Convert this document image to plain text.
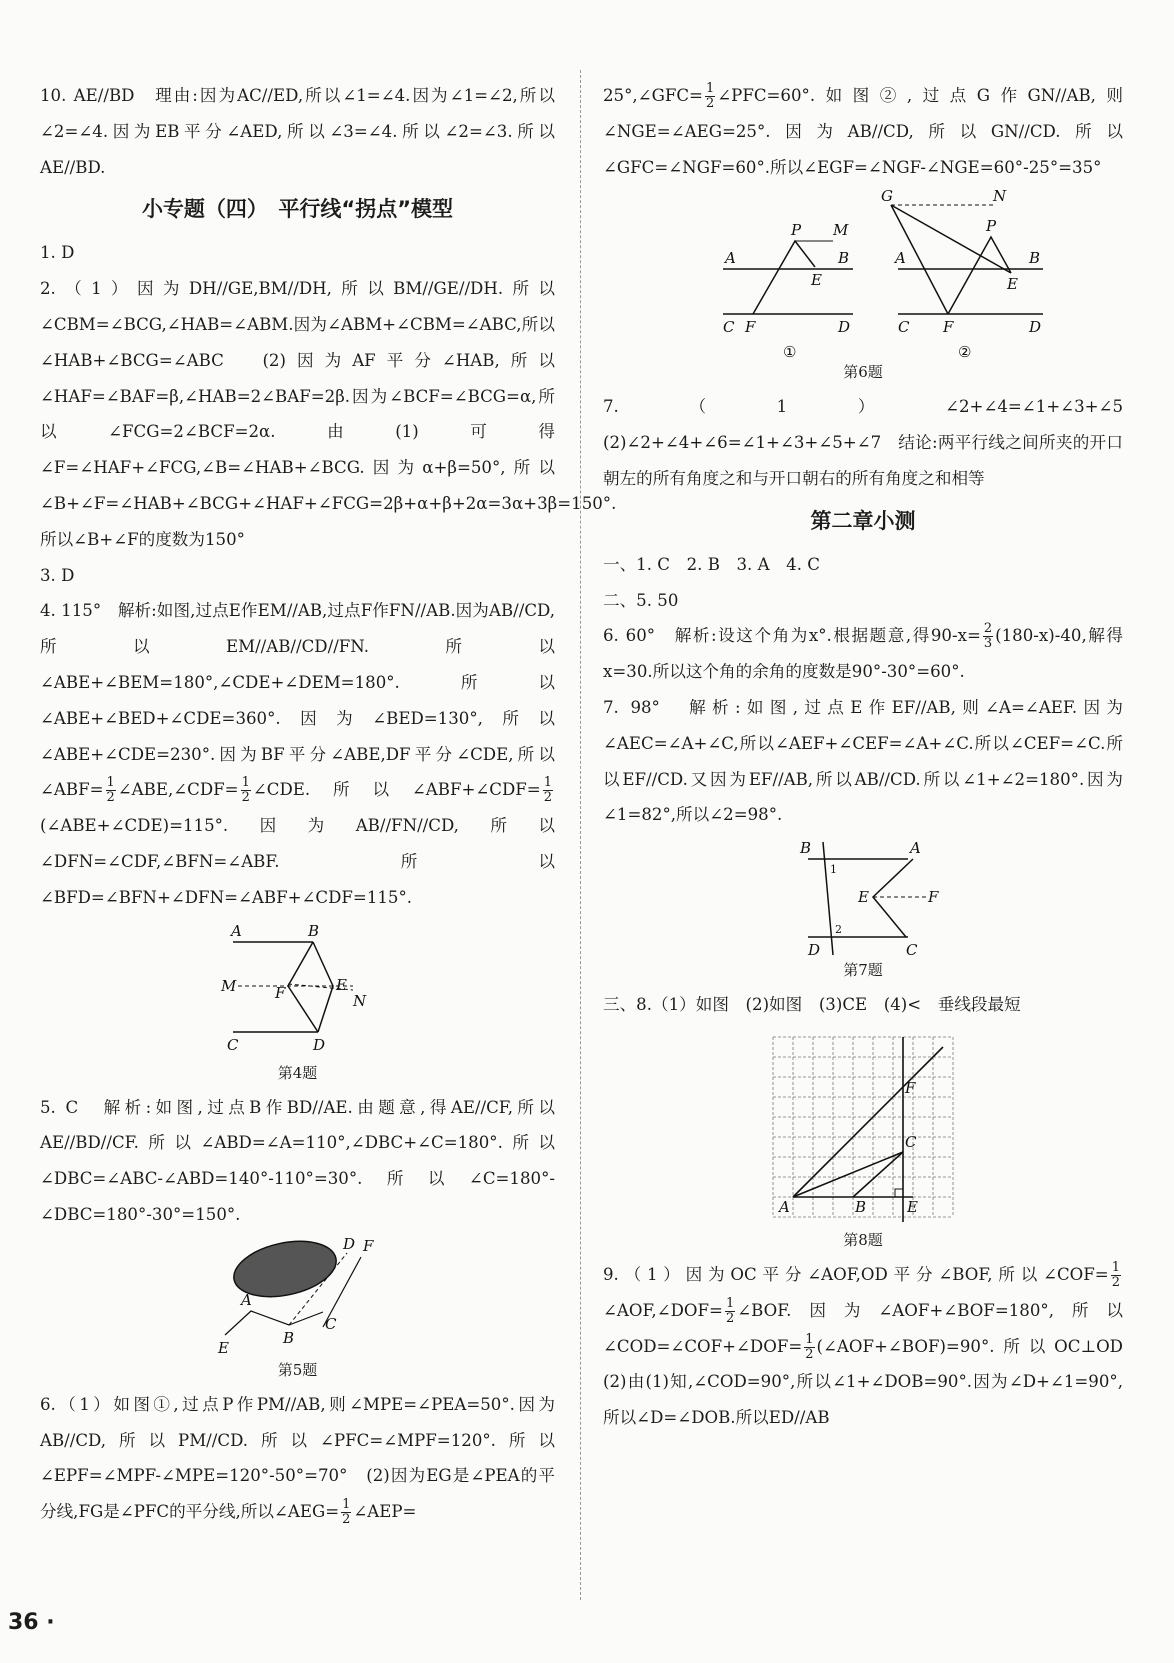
10. AE//BD　理由:因为AC//ED,所以∠1=∠4.因为∠1=∠2,所以∠2=∠4.因为EB平分∠AED,所以∠3=∠4.所以∠2=∠3.所以AE//BD.

小专题（四）　平行线“拐点”模型

1. D

2.（1）因为DH//GE,BM//DH,所以BM//GE//DH.所以∠CBM=∠BCG,∠HAB=∠ABM.因为∠ABM+∠CBM=∠ABC,所以∠HAB+∠BCG=∠ABC　(2)因为AF平分∠HAB,所以∠HAF=∠BAF=β,∠HAB=2∠BAF=2β.因为∠BCF=∠BCG=α,所以∠FCG=2∠BCF=2α.由(1)可得∠F=∠HAF+∠FCG,∠B=∠HAB+∠BCG.因为α+β=50°,所以∠B+∠F=∠HAB+∠BCG+∠HAF+∠FCG=2β+α+β+2α=3α+3β=150°.所以∠B+∠F的度数为150°

3. D

4. 115°　解析:如图,过点E作EM//AB,过点F作FN//AB.因为AB//CD,所以EM//AB//CD//FN.所以∠ABE+∠BEM=180°,∠CDE+∠DEM=180°.所以∠ABE+∠BED+∠CDE=360°.因为∠BED=130°,所以∠ABE+∠CDE=230°.因为BF平分∠ABE,DF平分∠CDE,所以∠ABF= $\frac{1}{2}$ ∠ABE,∠CDF= $\frac{1}{2}$ ∠CDE.所以∠ABF+∠CDF= $\frac{1}{2}$
(∠ABE+∠CDE)=115°.因为AB//FN//CD,所以∠DFN=∠CDF,∠BFN=∠ABF.所以∠BFD=∠BFN+∠DFN=∠ABF+∠CDF=115°.

A	B
M	F	E
N
C	D
第4题

5. C　解析:如图,过点B作BD//AE.由题意,得AE//CF,所以AE//BD//CF.所以∠ABD=∠A=110°,∠DBC+∠C=180°.所以∠DBC=∠ABC-∠ABD=140°-110°=30°.所以∠C=180°-∠DBC=180°-30°=150°.

D F
A
B
C
E
第5题

6.（1）如图①,过点P作PM//AB,则∠MPE=∠PEA=50°.因为AB//CD,所以PM//CD.所以∠PFC=∠MPF=120°.所以∠EPF=∠MPF-∠MPE=120°-50°=70°　(2)因为EG是∠PEA的平分线,FG是∠PFC的平分线,所以∠AEG= $\frac{1}{2}$ ∠AEP=

25°,∠GFC= $\frac{1}{2}$ ∠PFC=60°.如图②,过点G作GN//AB,则∠NGE=∠AEG=25°.因为AB//CD,所以GN//CD.所以∠GFC=∠NGF=60°.所以∠EGF=∠NGF-∠NGE=60°-25°=35°

P M
A	B
E
C F	D
①
G	N
P
A	B
E
C F	D
②
第6题

7.（1）∠2+∠4=∠1+∠3+∠5　(2)∠2+∠4+∠6=∠1+∠3+∠5+∠7　结论:两平行线之间所夹的开口朝左的所有角度之和与开口朝右的所有角度之和相等

第二章小测

一、1. C　2. B　3. A　4. C

二、5. 50

6. 60°　解析:设这个角为x°.根据题意,得$90-x= \frac{2}{3} (180-x)-40$,解得x=30.所以这个角的余角的度数是90°-30°=60°.

7. 98°　解析:如图,过点E作EF//AB,则∠A=∠AEF.因为∠AEC=∠A+∠C,所以∠AEF+∠CEF=∠A+∠C.所以∠CEF=∠C.所以EF//CD.又因为EF//AB,所以AB//CD.所以∠1+∠2=180°.因为∠1=82°,所以∠2=98°.

B	A
1
E	F
2
D	C
第7题

三、8.（1）如图　(2)如图　(3)CE　(4)<　垂线段最短

F
C
A	B	E
第8题

9.（1）因为OC平分∠AOF,OD平分∠BOF,所以∠COF= $\frac{1}{2}$
∠AOF,∠DOF= $\frac{1}{2}$ ∠BOF.因为∠AOF+∠BOF=180°,所以∠COD=∠COF+∠DOF= $\frac{1}{2}$ (∠AOF+∠BOF)=90°.所以OC⊥OD　(2)由(1)知,∠COD=90°,所以∠1+∠DOB=90°.因为∠D+∠1=90°,所以∠D=∠DOB.所以ED//AB

36 ·
